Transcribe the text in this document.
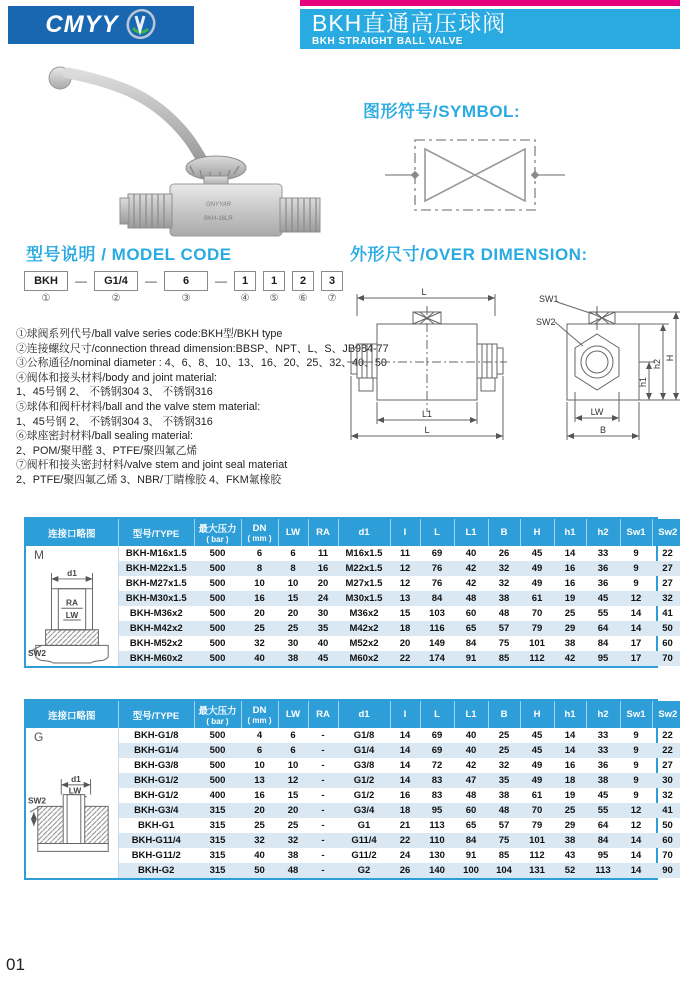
CMYY	BKH直通高压球阀
BKH STRAIGHT BALL VALVE
GNYYAR
BKH-16LR
图形符号/SYMBOL:
型号说明 / MODEL CODE
BKH
①
—	G1/4
②
—	6
③
—	1
④
1
⑤
2
⑥
3
⑦
①球阀系列代号/ball valve series code:BKH型/BKH type
②连接螺纹尺寸/connection thread dimension:BBSP、NPT、L、S、JB984-77
③公称通径/nominal diameter : 4、6、8、10、13、16、20、25、32、40、50
④阀体和接头材料/body and joint material:
1、45号钢 2、 不锈钢304 3、 不锈钢316
⑤球体和阀杆材料/ball and the valve stem material:
1、45号钢 2、 不锈钢304 3、 不锈钢316
⑥球座密封材料/ball sealing material:
2、POM/聚甲醛 3、PTFE/聚四氟乙烯
⑦阀杆和接头密封材料/valve stem and joint seal materiat
2、PTFE/聚四氟乙烯 3、NBR/丁睛橡胶 4、FKM氟橡胶
外形尺寸/OVER DIMENSION:
L
L1
L
SW1
SW2
LW
B
h1
h2
H
连接口略图	型号/TYPE	最大压力
( bar )

DN
( mm )	LW	RA	d1	I	L	L1	B	H	h1	h2	Sw1	Sw2

M
d1
RA
LW
SW2	BKH-M16x1.5	500	6	6	11	M16x1.5	11	69	40	26	45	14	33	9	22
	BKH-M22x1.5	500	8	8	16	M22x1.5	12	76	42	32	49	16	36	9	27
	BKH-M27x1.5	500	10	10	20	M27x1.5	12	76	42	32	49	16	36	9	27
	BKH-M30x1.5	500	16	15	24	M30x1.5	13	84	48	38	61	19	45	12	32
	BKH-M36x2	500	20	20	30	M36x2	15	103	60	48	70	25	55	14	41
	BKH-M42x2	500	25	25	35	M42x2	18	116	65	57	79	29	64	14	50
	BKH-M52x2	500	32	30	40	M52x2	20	149	84	75	101	38	84	17	60
	BKH-M60x2	500	40	38	45	M60x2	22	174	91	85	112	42	95	17	70
连接口略图	型号/TYPE	最大压力
( bar )

DN
( mm )	LW	RA	d1	I	L	L1	B	H	h1	h2	Sw1	Sw2

G
d1
LW
SW2	BKH-G1/8	500	4	6	-	G1/8	14	69	40	25	45	14	33	9	22
	BKH-G1/4	500	6	6	-	G1/4	14	69	40	25	45	14	33	9	22
	BKH-G3/8	500	10	10	-	G3/8	14	72	42	32	49	16	36	9	27
	BKH-G1/2	500	13	12	-	G1/2	14	83	47	35	49	18	38	9	30
	BKH-G1/2	400	16	15	-	G1/2	16	83	48	38	61	19	45	9	32
	BKH-G3/4	315	20	20	-	G3/4	18	95	60	48	70	25	55	12	41
	BKH-G1	315	25	25	-	G1	21	113	65	57	79	29	64	12	50
	BKH-G11/4	315	32	32	-	G11/4	22	110	84	75	101	38	84	14	60
	BKH-G11/2	315	40	38	-	G11/2	24	130	91	85	112	43	95	14	70
	BKH-G2	315	50	48	-	G2	26	140	100	104	131	52	113	14	90
01
